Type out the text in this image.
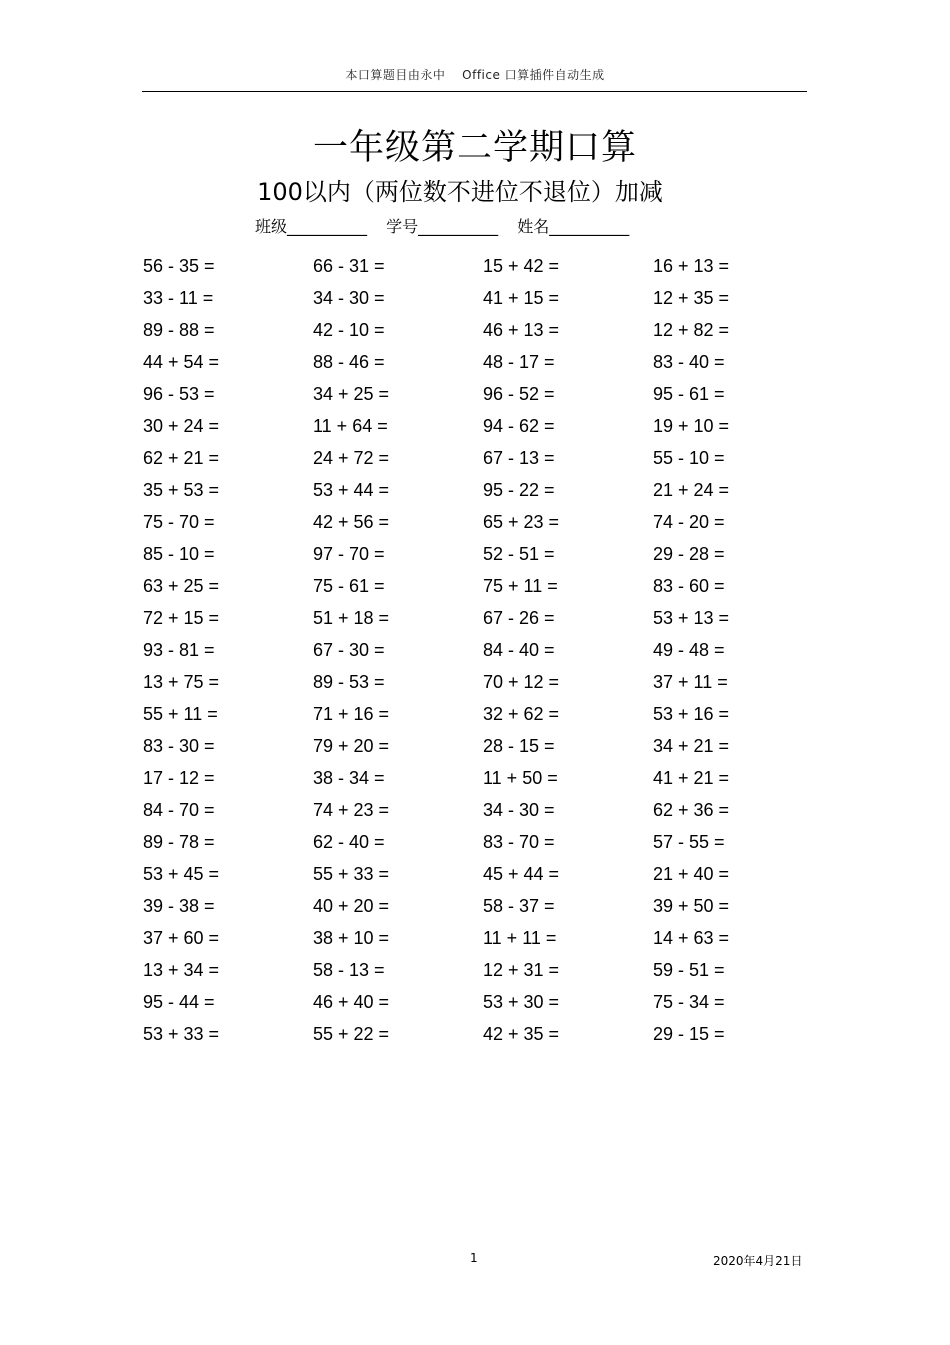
本口算题目由永中　 Office 口算插件自动生成
一年级第二学期口算
100以内（两位数不进位不退位）加减
班级__________ 学号__________ 姓名__________
56 - 35 =	66 - 31 =	15 + 42 =	16 + 13 =
33 - 11 =	34 - 30 =	41 + 15 =	12 + 35 =
89 - 88 =	42 - 10 =	46 + 13 =	12 + 82 =
44 + 54 =	88 - 46 =	48 - 17 =	83 - 40 =
96 - 53 =	34 + 25 =	96 - 52 =	95 - 61 =
30 + 24 =	11 + 64 =	94 - 62 =	19 + 10 =
62 + 21 =	24 + 72 =	67 - 13 =	55 - 10 =
35 + 53 =	53 + 44 =	95 - 22 =	21 + 24 =
75 - 70 =	42 + 56 =	65 + 23 =	74 - 20 =
85 - 10 =	97 - 70 =	52 - 51 =	29 - 28 =
63 + 25 =	75 - 61 =	75 + 11 =	83 - 60 =
72 + 15 =	51 + 18 =	67 - 26 =	53 + 13 =
93 - 81 =	67 - 30 =	84 - 40 =	49 - 48 =
13 + 75 =	89 - 53 =	70 + 12 =	37 + 11 =
55 + 11 =	71 + 16 =	32 + 62 =	53 + 16 =
83 - 30 =	79 + 20 =	28 - 15 =	34 + 21 =
17 - 12 =	38 - 34 =	11 + 50 =	41 + 21 =
84 - 70 =	74 + 23 =	34 - 30 =	62 + 36 =
89 - 78 =	62 - 40 =	83 - 70 =	57 - 55 =
53 + 45 =	55 + 33 =	45 + 44 =	21 + 40 =
39 - 38 =	40 + 20 =	58 - 37 =	39 + 50 =
37 + 60 =	38 + 10 =	11 + 11 =	14 + 63 =
13 + 34 =	58 - 13 =	12 + 31 =	59 - 51 =
95 - 44 =	46 + 40 =	53 + 30 =	75 - 34 =
53 + 33 =	55 + 22 =	42 + 35 =	29 - 15 =
1	2020年4月21日
